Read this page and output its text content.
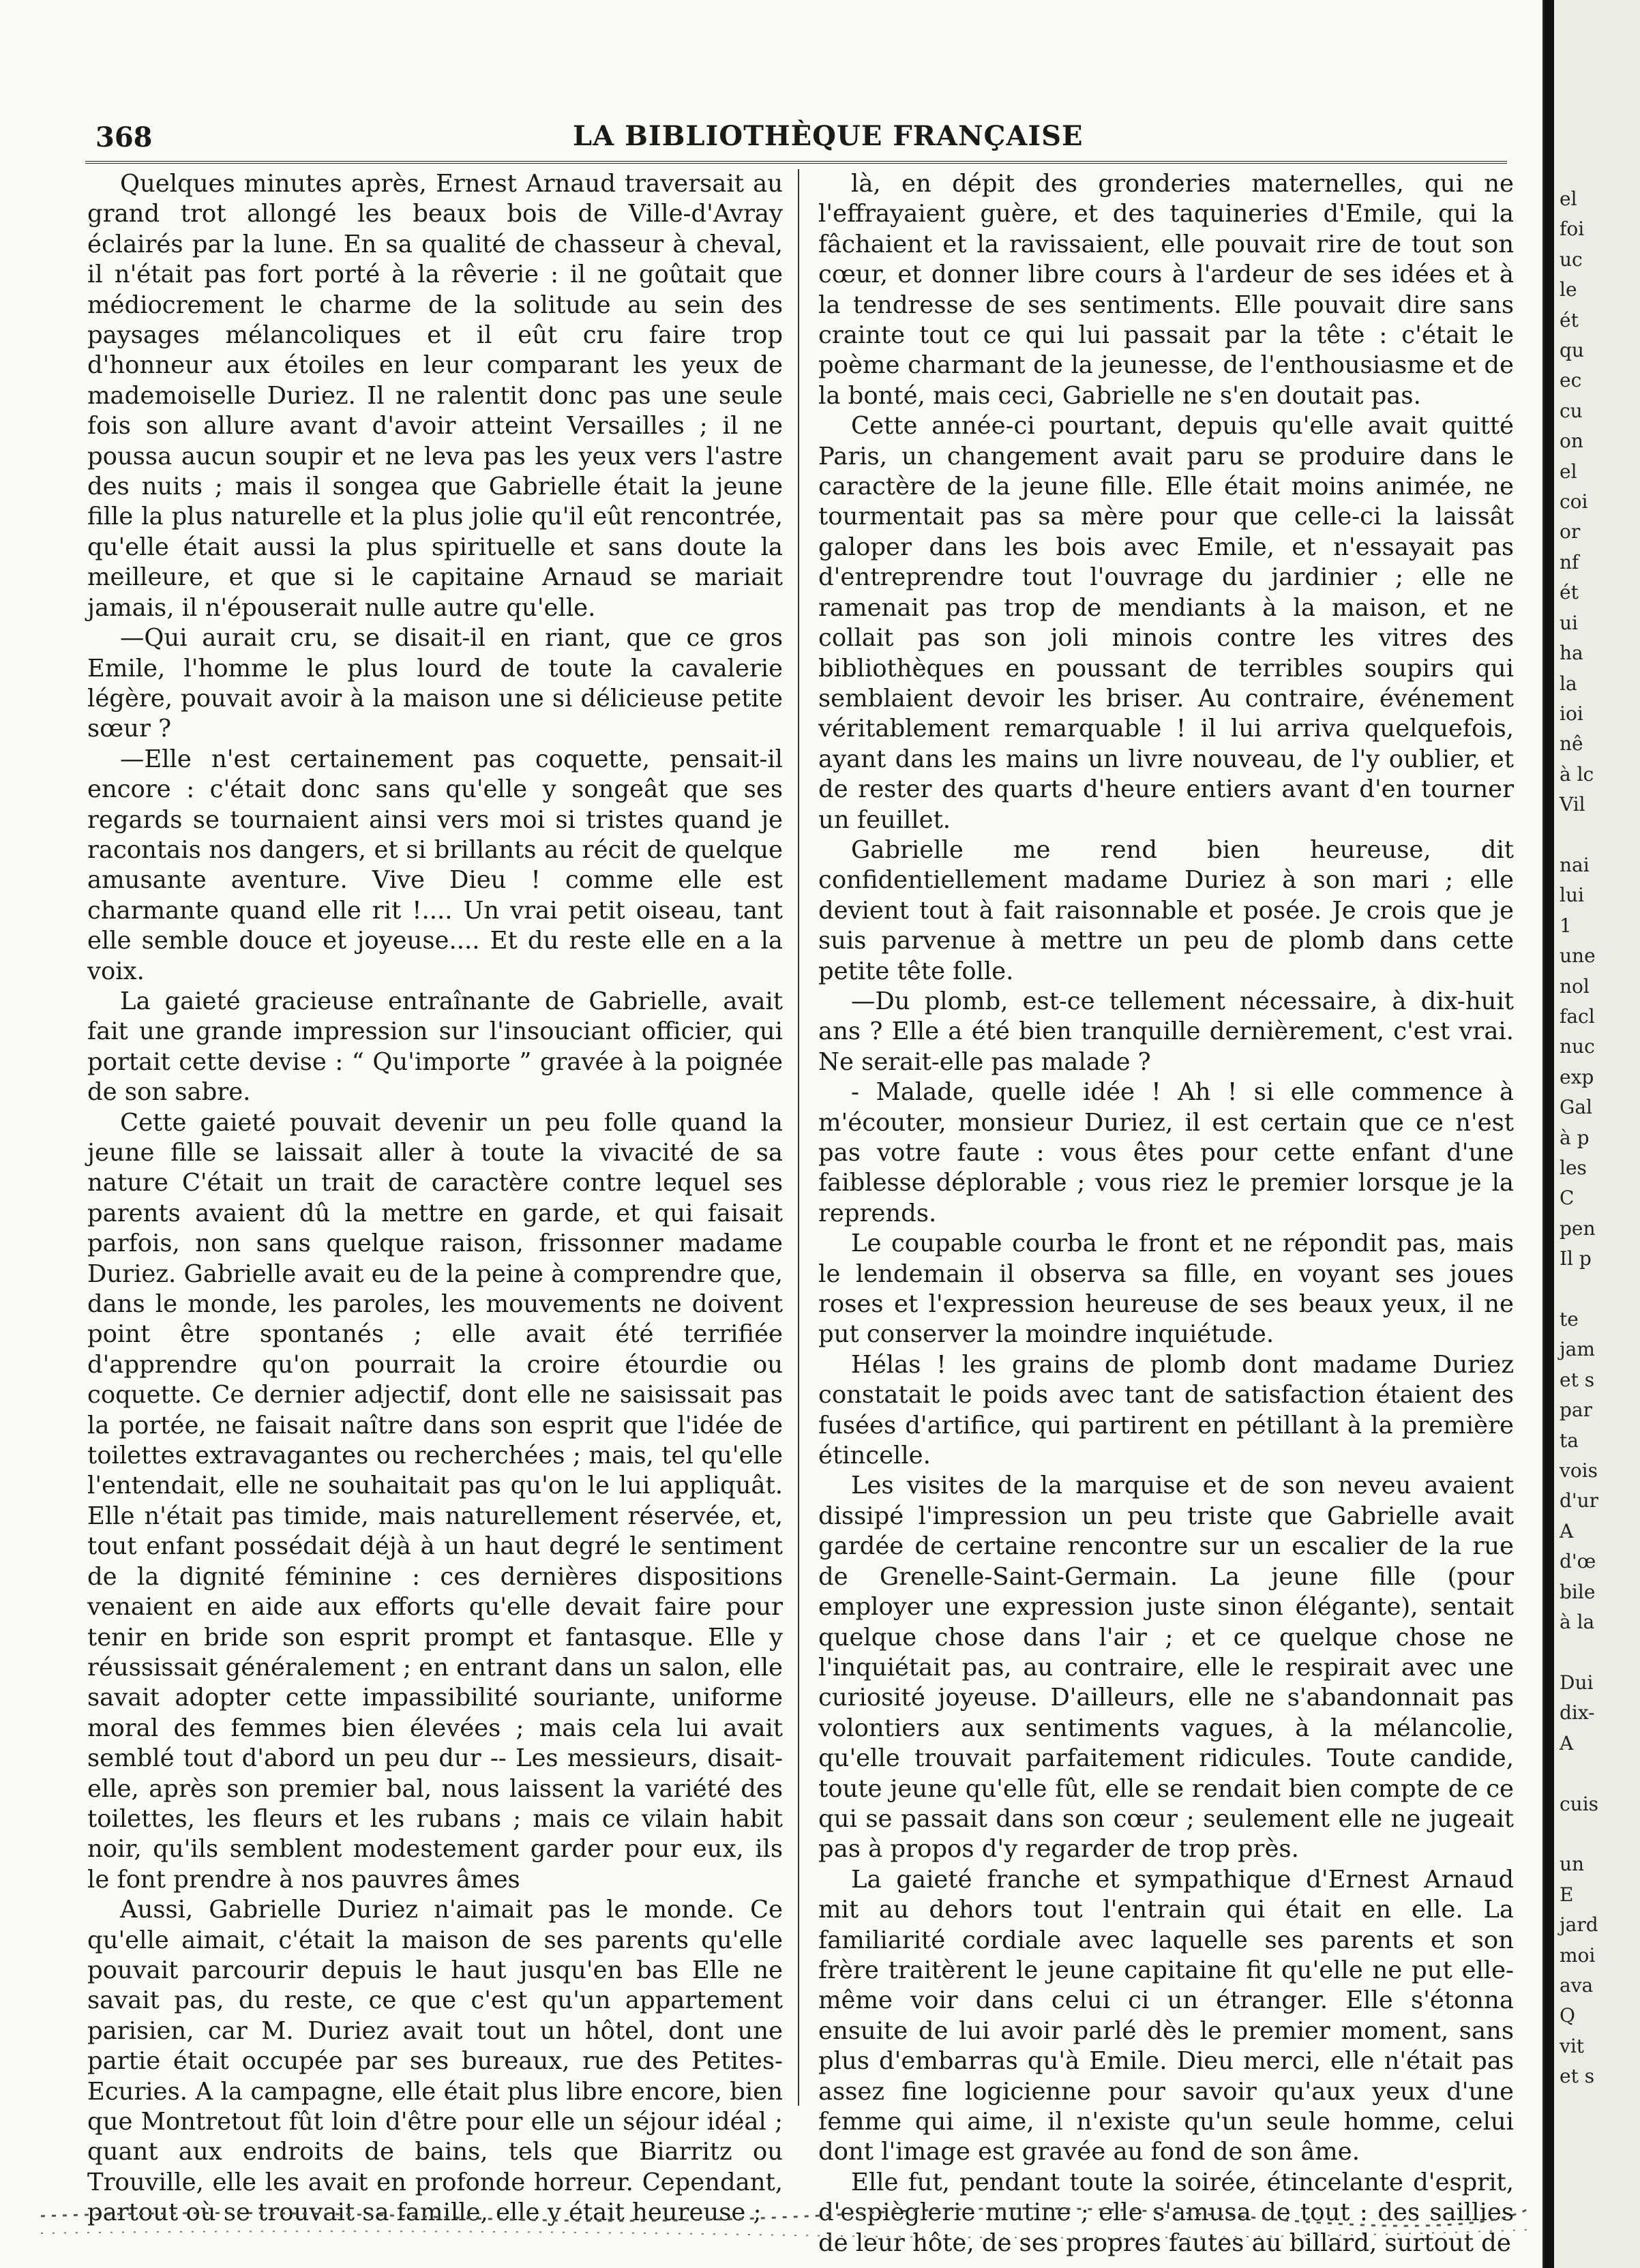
368	LA BIBLIOTHÈQUE FRANÇAISE

Quelques minutes après, Ernest Arnaud traversait au grand trot allongé les beaux bois de Ville-d'Avray éclairés par la lune. En sa qualité de chasseur à cheval, il n'était pas fort porté à la rêverie : il ne goûtait que médiocrement le charme de la solitude au sein des paysages mélancoliques et il eût cru faire trop d'honneur aux étoiles en leur comparant les yeux de mademoiselle Duriez. Il ne ralentit donc pas une seule fois son allure avant d'avoir atteint Versailles ; il ne poussa aucun soupir et ne leva pas les yeux vers l'astre des nuits ; mais il songea que Gabrielle était la jeune fille la plus naturelle et la plus jolie qu'il eût rencontrée, qu'elle était aussi la plus spirituelle et sans doute la meilleure, et que si le capitaine Arnaud se mariait jamais, il n'épouserait nulle autre qu'elle.

—Qui aurait cru, se disait-il en riant, que ce gros Emile, l'homme le plus lourd de toute la cavalerie légère, pouvait avoir à la maison une si délicieuse petite sœur ?

—Elle n'est certainement pas coquette, pensait-il encore : c'était donc sans qu'elle y songeât que ses regards se tournaient ainsi vers moi si tristes quand je racontais nos dangers, et si brillants au récit de quelque amusante aventure. Vive Dieu ! comme elle est charmante quand elle rit !.... Un vrai petit oiseau, tant elle semble douce et joyeuse.... Et du reste elle en a la voix.

La gaieté gracieuse entraînante de Gabrielle, avait fait une grande impression sur l'insouciant officier, qui portait cette devise : “ Qu'importe ” gravée à la poignée de son sabre.

Cette gaieté pouvait devenir un peu folle quand la jeune fille se laissait aller à toute la vivacité de sa nature C'était un trait de caractère contre lequel ses parents avaient dû la mettre en garde, et qui faisait parfois, non sans quelque raison, frissonner madame Duriez. Gabrielle avait eu de la peine à comprendre que, dans le monde, les paroles, les mouvements ne doivent point être spontanés ; elle avait été terrifiée d'apprendre qu'on pourrait la croire étourdie ou coquette. Ce dernier adjectif, dont elle ne saisissait pas la portée, ne faisait naître dans son esprit que l'idée de toilettes extravagantes ou recherchées ; mais, tel qu'elle l'entendait, elle ne souhaitait pas qu'on le lui appliquât. Elle n'était pas timide, mais naturellement réservée, et, tout enfant possédait déjà à un haut degré le sentiment de la dignité féminine : ces dernières dispositions venaient en aide aux efforts qu'elle devait faire pour tenir en bride son esprit prompt et fantasque. Elle y réussissait généralement ; en entrant dans un salon, elle savait adopter cette impassibilité souriante, uniforme moral des femmes bien élevées ; mais cela lui avait semblé tout d'abord un peu dur -- Les messieurs, disait-elle, après son premier bal, nous laissent la variété des toilettes, les fleurs et les rubans ; mais ce vilain habit noir, qu'ils semblent modestement garder pour eux, ils le font prendre à nos pauvres âmes

Aussi, Gabrielle Duriez n'aimait pas le monde. Ce qu'elle aimait, c'était la maison de ses parents qu'elle pouvait parcourir depuis le haut jusqu'en bas Elle ne savait pas, du reste, ce que c'est qu'un appartement parisien, car M. Duriez avait tout un hôtel, dont une partie était occupée par ses bureaux, rue des Petites-Ecuries. A la campagne, elle était plus libre encore, bien que Montretout fût loin d'être pour elle un séjour idéal ; quant aux endroits de bains, tels que Biarritz ou Trouville, elle les avait en profonde horreur. Cependant, partout où se trouvait sa famille, elle y était heureuse ;

là, en dépit des gronderies maternelles, qui ne l'effrayaient guère, et des taquineries d'Emile, qui la fâchaient et la ravissaient, elle pouvait rire de tout son cœur, et donner libre cours à l'ardeur de ses idées et à la tendresse de ses sentiments. Elle pouvait dire sans crainte tout ce qui lui passait par la tête : c'était le poème charmant de la jeunesse, de l'enthousiasme et de la bonté, mais ceci, Gabrielle ne s'en doutait pas.

Cette année-ci pourtant, depuis qu'elle avait quitté Paris, un changement avait paru se produire dans le caractère de la jeune fille. Elle était moins animée, ne tourmentait pas sa mère pour que celle-ci la laissât galoper dans les bois avec Emile, et n'essayait pas d'entreprendre tout l'ouvrage du jardinier ; elle ne ramenait pas trop de mendiants à la maison, et ne collait pas son joli minois contre les vitres des bibliothèques en poussant de terribles soupirs qui semblaient devoir les briser. Au contraire, événement véritablement remarquable ! il lui arriva quelquefois, ayant dans les mains un livre nouveau, de l'y oublier, et de rester des quarts d'heure entiers avant d'en tourner un feuillet.

Gabrielle me rend bien heureuse, dit confidentiellement madame Duriez à son mari ; elle devient tout à fait raisonnable et posée. Je crois que je suis parvenue à mettre un peu de plomb dans cette petite tête folle.

—Du plomb, est-ce tellement nécessaire, à dix-huit ans ? Elle a été bien tranquille dernièrement, c'est vrai. Ne serait-elle pas malade ?

- Malade, quelle idée ! Ah ! si elle commence à m'écouter, monsieur Duriez, il est certain que ce n'est pas votre faute : vous êtes pour cette enfant d'une faiblesse déplorable ; vous riez le premier lorsque je la reprends.

Le coupable courba le front et ne répondit pas, mais le lendemain il observa sa fille, en voyant ses joues roses et l'expression heureuse de ses beaux yeux, il ne put conserver la moindre inquiétude.

Hélas ! les grains de plomb dont madame Duriez constatait le poids avec tant de satisfaction étaient des fusées d'artifice, qui partirent en pétillant à la première étincelle.

Les visites de la marquise et de son neveu avaient dissipé l'impression un peu triste que Gabrielle avait gardée de certaine rencontre sur un escalier de la rue de Grenelle-Saint-Germain. La jeune fille (pour employer une expression juste sinon élégante), sentait quelque chose dans l'air ; et ce quelque chose ne l'inquiétait pas, au contraire, elle le respirait avec une curiosité joyeuse. D'ailleurs, elle ne s'abandonnait pas volontiers aux sentiments vagues, à la mélancolie, qu'elle trouvait parfaitement ridicules. Toute candide, toute jeune qu'elle fût, elle se rendait bien compte de ce qui se passait dans son cœur ; seulement elle ne jugeait pas à propos d'y regarder de trop près.

La gaieté franche et sympathique d'Ernest Arnaud mit au dehors tout l'entrain qui était en elle. La familiarité cordiale avec laquelle ses parents et son frère traitèrent le jeune capitaine fit qu'elle ne put elle-même voir dans celui ci un étranger. Elle s'étonna ensuite de lui avoir parlé dès le premier moment, sans plus d'embarras qu'à Emile. Dieu merci, elle n'était pas assez fine logicienne pour savoir qu'aux yeux d'une femme qui aime, il n'existe qu'un seule homme, celui dont l'image est gravée au fond de son âme.

Elle fut, pendant toute la soirée, étincelante d'esprit, d'espièglerie mutine ; elle s'amusa de tout : des saillies de leur hôte, de ses propres fautes au billard, surtout de

el
foi
uc
le
ét
qu
ec
cu
on
el
coi
or
nf
ét
ui
ha
la
ioi
nê
à lc
Vil

nai
lui
1
une
nol
facl
nuc
exp
Gal
à p
les
C
pen
Il p

te
jam
et s
par
ta
vois
d'ur
A
d'œ
bile
à la

Dui
dix-
A

cuis

un
E
jard
moi
ava
Q
vit
et s
